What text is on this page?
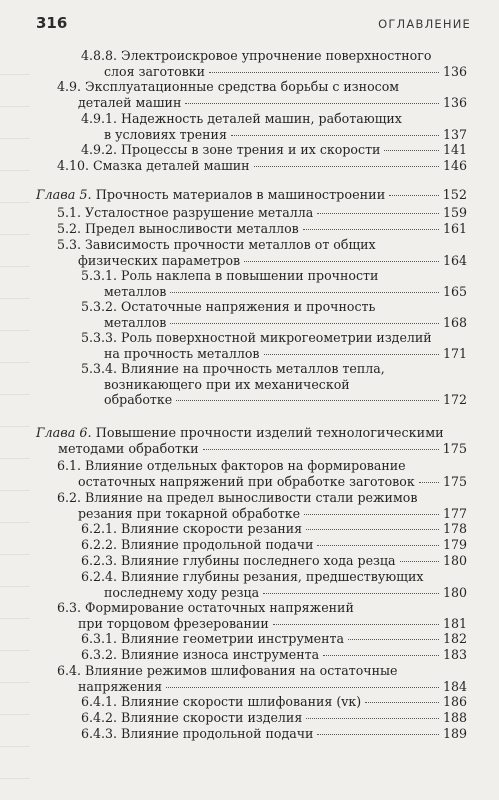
316	ОГЛАВЛЕНИЕ
4.8.8. Электроискровое упрочнение поверхностного
слоя заготовки	136
4.9. Эксплуатационные средства борьбы с износом
деталей машин	136
4.9.1. Надежность деталей машин, работающих
в условиях трения	137
4.9.2. Процессы в зоне трения и их скорости	141
4.10. Смазка деталей машин	146
Глава 5. Прочность материалов в машиностроении	152
5.1. Усталостное разрушение металла	159
5.2. Предел выносливости металлов	161
5.3. Зависимость прочности металлов от общих
физических параметров	164
5.3.1. Роль наклепа в повышении прочности
металлов	165
5.3.2. Остаточные напряжения и прочность
металлов	168
5.3.3. Роль поверхностной микрогеометрии изделий
на прочность металлов	171
5.3.4. Влияние на прочность металлов тепла,
возникающего при их механической
обработке	172
Глава 6. Повышение прочности изделий технологическими
методами обработки	175
6.1. Влияние отдельных факторов на формирование
остаточных напряжений при обработке заготовок 175
6.2. Влияние на предел выносливости стали режимов
резания при токарной обработке	177
6.2.1. Влияние скорости резания	178
6.2.2. Влияние продольной подачи	179
6.2.3. Влияние глубины последнего хода резца	180
6.2.4. Влияние глубины резания, предшествующих
последнему ходу резца	180
6.3. Формирование остаточных напряжений
при торцовом фрезеровании	181
6.3.1. Влияние геометрии инструмента	182
6.3.2. Влияние износа инструмента	183
6.4. Влияние режимов шлифования на остаточные
напряжения	184
6.4.1. Влияние скорости шлифования (vк)	186
6.4.2. Влияние скорости изделия	188
6.4.3. Влияние продольной подачи	189
